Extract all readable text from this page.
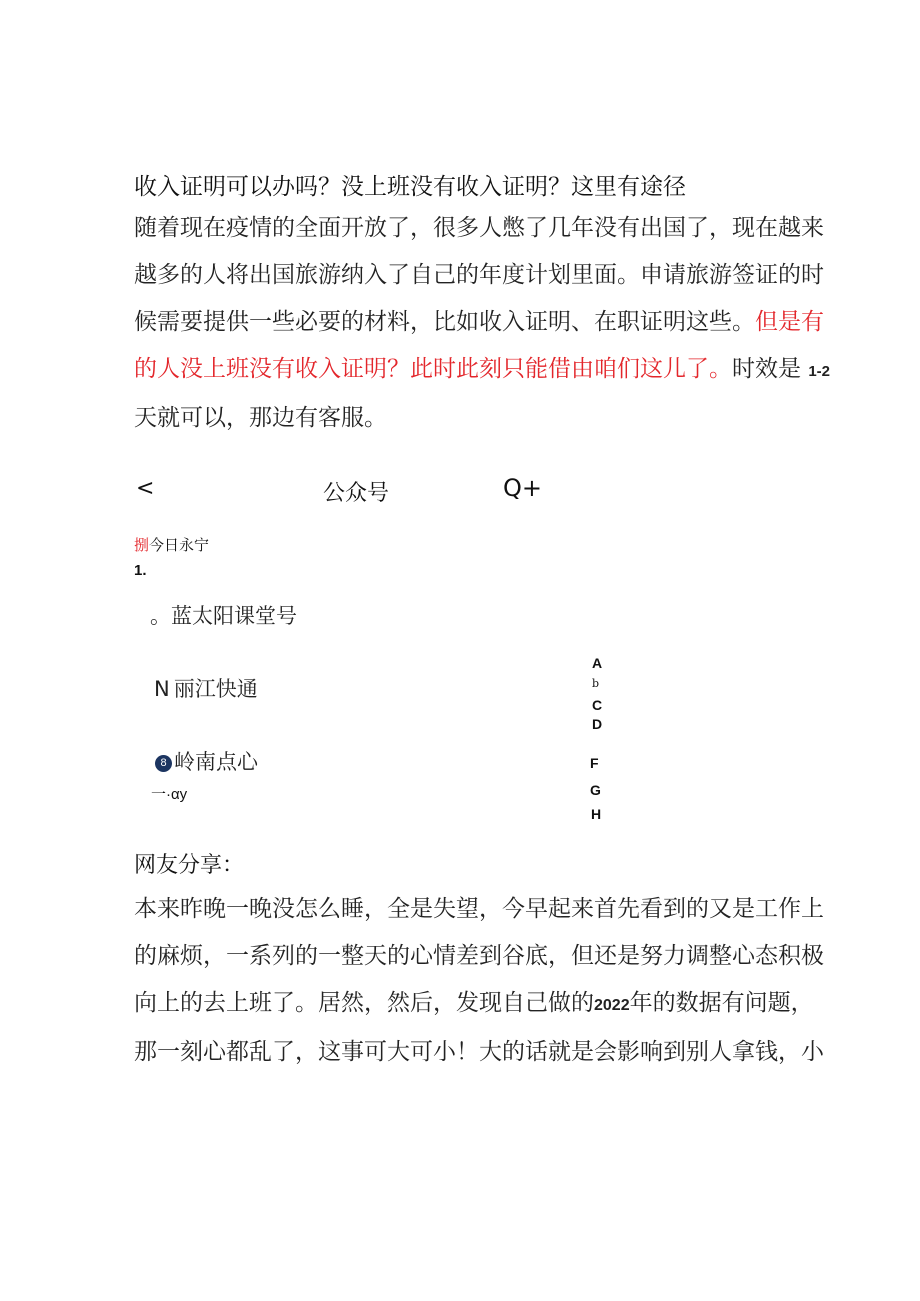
收入证明可以办吗？没上班没有收入证明？这里有途径

随着现在疫情的全面开放了，很多人憋了几年没有出国了，现在越来

越多的人将出国旅游纳入了自己的年度计划里面。申请旅游签证的时

候需要提供一些必要的材料，比如收入证明、在职证明这些。但是有

的人没上班没有收入证明？此时此刻只能借由咱们这儿了。时效是 1-2

天就可以，那边有客服。

<	公众号	Q+
捌今日永宁
1.
。蓝太阳课堂号
N 丽江快通
8 岭南点心
一·αy
A
b
C
D
F
G
H
网友分享：

本来昨晚一晚没怎么睡，全是失望，今早起来首先看到的又是工作上

的麻烦，一系列的一整天的心情差到谷底，但还是努力调整心态积极

向上的去上班了。居然，然后，发现自己做的2022年的数据有问题，

那一刻心都乱了，这事可大可小！大的话就是会影响到别人拿钱，小
